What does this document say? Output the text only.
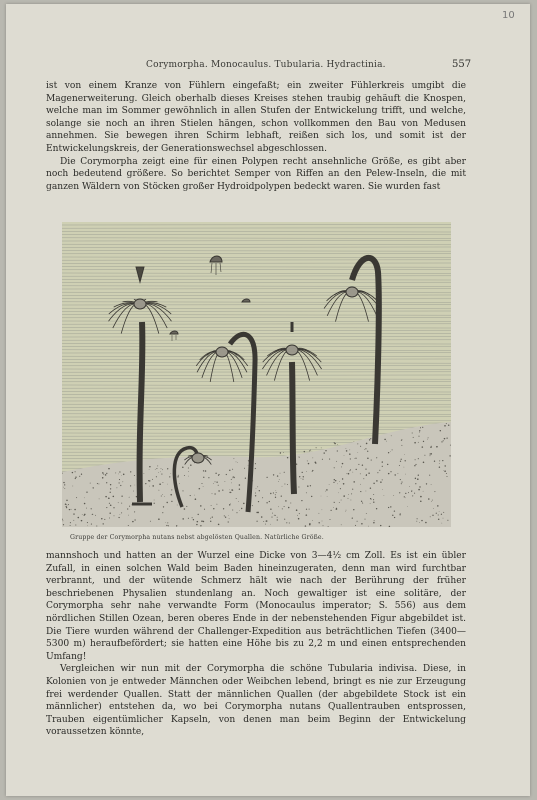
10
Corymorpha. Monocaulus. Tubularia. Hydractinia.	557

ist von einem Kranze von Fühlern eingefaßt; ein zweiter Fühlerkreis umgibt die Magenerweiterung. Gleich oberhalb dieses Kreises stehen traubig gehäuft die Knospen, welche man im Sommer gewöhnlich in allen Stufen der Entwickelung trifft, und welche, solange sie noch an ihren Stielen hängen, schon vollkommen den Bau von Medusen annehmen. Sie bewegen ihren Schirm lebhaft, reißen sich los, und somit ist der Entwickelungskreis, der Generationswechsel abgeschlossen.

Die Corymorpha zeigt eine für einen Polypen recht ansehnliche Größe, es gibt aber noch bedeutend größere. So berichtet Semper von Riffen an den Pelew-Inseln, die mit ganzen Wäldern von Stöcken großer Hydroidpolypen bedeckt waren. Sie wurden fast

Gruppe der Corymorpha nutans nebst abgelösten Quallen. Natürliche Größe.

mannshoch und hatten an der Wurzel eine Dicke von 3—4½ cm Zoll. Es ist ein übler Zufall, in einen solchen Wald beim Baden hineinzugeraten, denn man wird furchtbar verbrannt, und der wütende Schmerz hält wie nach der Berührung der früher beschriebenen Physalien stundenlang an. Noch gewaltiger ist eine solitäre, der Corymorpha sehr nahe verwandte Form (Monocaulus imperator; S. 556) aus dem nördlichen Stillen Ozean, beren oberes Ende in der nebenstehenden Figur abgebildet ist. Die Tiere wurden während der Challenger-Expedition aus beträchtlichen Tiefen (3400—5300 m) heraufbefördert; sie hatten eine Höhe bis zu 2,2 m und einen entsprechenden Umfang!

Vergleichen wir nun mit der Corymorpha die schöne Tubularia indivisa. Diese, in Kolonien von je entweder Männchen oder Weibchen lebend, bringt es nie zur Erzeugung frei werdender Quallen. Statt der männlichen Quallen (der abgebildete Stock ist ein männlicher) entstehen da, wo bei Corymorpha nutans Quallentrauben entsprossen, Trauben eigentümlicher Kapseln, von denen man beim Beginn der Entwickelung voraussetzen könnte,
